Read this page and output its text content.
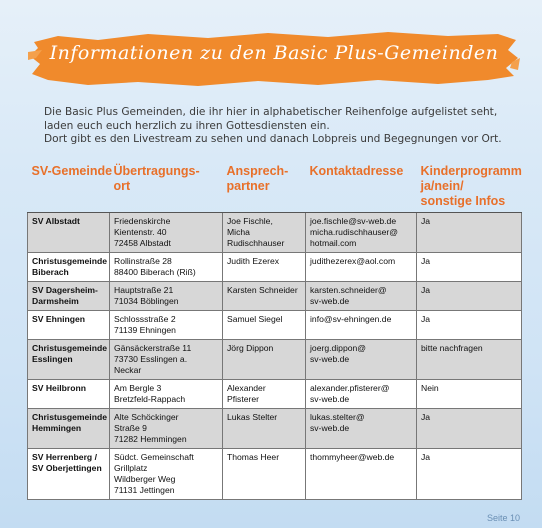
Informationen zu den Basic Plus-Gemeinden
Die Basic Plus Gemeinden, die ihr hier in alphabetischer Reihenfolge aufgelistet seht,
laden euch euch herzlich zu ihren Gottesdiensten ein.
Dort gibt es den Livestream zu sehen und danach Lobpreis und Begegnungen vor Ort.
SV-Gemeinde	Übertragungs-
ort	Ansprech-
partner	Kontaktadresse	Kinderprogramm
ja/nein/
sonstige Infos

SV Albstadt	Friedenskirche
Kientenstr. 40
72458 Albstadt	Joe Fischle,
Micha
Rudischhauser	joe.fischle@sv-web.de
micha.rudischhauser@
hotmail.com	Ja

Christusgemeinde
Biberach	Rollinstraße 28
88400 Biberach (Riß)	Judith Ezerex	judithezerex@aol.com	Ja

SV Dagersheim-
Darmsheim	Hauptstraße 21
71034 Böblingen	Karsten Schneider	karsten.schneider@
sv-web.de	Ja

SV Ehningen	Schlossstraße 2
71139 Ehningen	Samuel Siegel	info@sv-ehningen.de	Ja

Christusgemeinde
Esslingen	Gänsäckerstraße 11
73730 Esslingen a.
Neckar	Jörg Dippon	joerg.dippon@
sv-web.de	bitte nachfragen

SV Heilbronn	Am Bergle 3
Bretzfeld-Rappach	Alexander
Pfisterer	alexander.pfisterer@
sv-web.de	Nein

Christusgemeinde
Hemmingen	Alte Schöckinger
Straße 9
71282 Hemmingen	Lukas Stelter	lukas.stelter@
sv-web.de	Ja

SV Herrenberg /
SV Oberjettingen	Südct. Gemeinschaft
Grillplatz
Wildberger Weg
71131 Jettingen	Thomas Heer	thommyheer@web.de	Ja
Seite 10
